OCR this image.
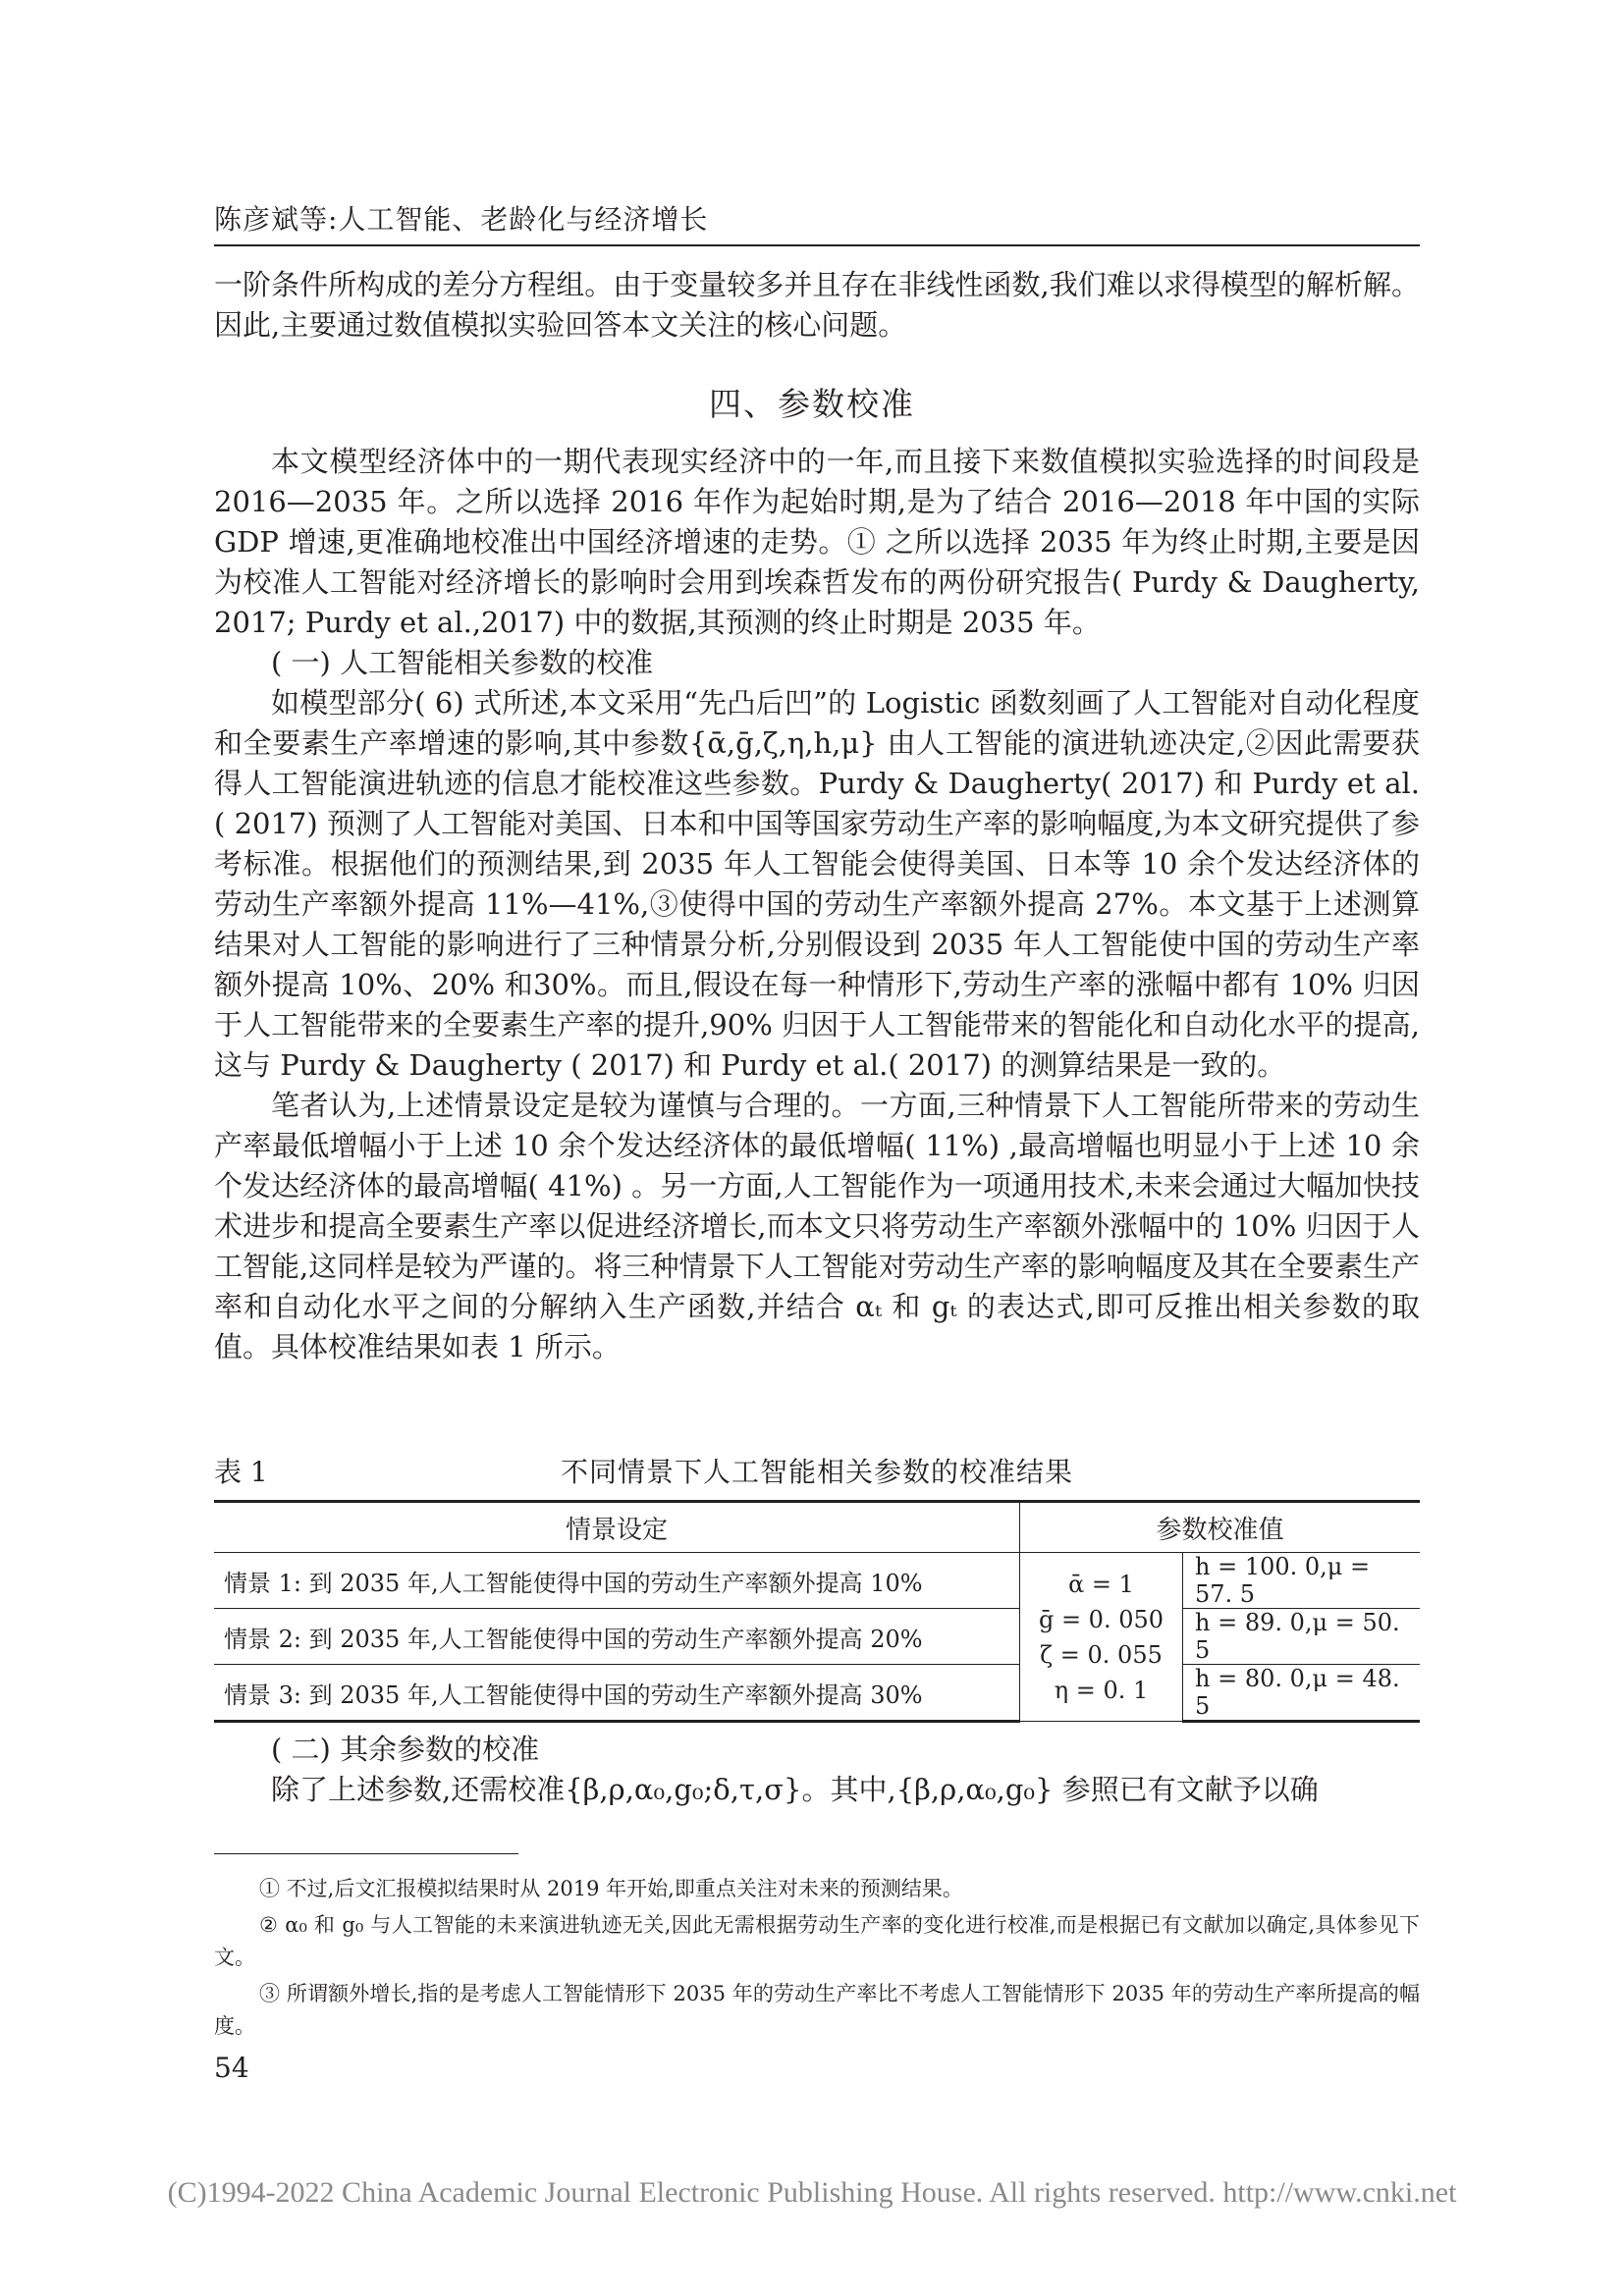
陈彦斌等:人工智能、老龄化与经济增长

一阶条件所构成的差分方程组。由于变量较多并且存在非线性函数,我们难以求得模型的解析解。因此,主要通过数值模拟实验回答本文关注的核心问题。

四、参数校准

本文模型经济体中的一期代表现实经济中的一年,而且接下来数值模拟实验选择的时间段是2016—2035 年。之所以选择 2016 年作为起始时期,是为了结合 2016—2018 年中国的实际 GDP 增速,更准确地校准出中国经济增速的走势。① 之所以选择 2035 年为终止时期,主要是因为校准人工智能对经济增长的影响时会用到埃森哲发布的两份研究报告( Purdy & Daugherty, 2017; Purdy et al.,2017) 中的数据,其预测的终止时期是 2035 年。

( 一) 人工智能相关参数的校准

如模型部分( 6) 式所述,本文采用“先凸后凹”的 Logistic 函数刻画了人工智能对自动化程度和全要素生产率增速的影响,其中参数{ᾱ,ḡ,ζ,η,h,μ} 由人工智能的演进轨迹决定,②因此需要获得人工智能演进轨迹的信息才能校准这些参数。Purdy & Daugherty( 2017) 和 Purdy et al.( 2017) 预测了人工智能对美国、日本和中国等国家劳动生产率的影响幅度,为本文研究提供了参考标准。根据他们的预测结果,到 2035 年人工智能会使得美国、日本等 10 余个发达经济体的劳动生产率额外提高 11%—41%,③使得中国的劳动生产率额外提高 27%。本文基于上述测算结果对人工智能的影响进行了三种情景分析,分别假设到 2035 年人工智能使中国的劳动生产率额外提高 10%、20% 和30%。而且,假设在每一种情形下,劳动生产率的涨幅中都有 10% 归因于人工智能带来的全要素生产率的提升,90% 归因于人工智能带来的智能化和自动化水平的提高,这与 Purdy & Daugherty ( 2017) 和 Purdy et al.( 2017) 的测算结果是一致的。

笔者认为,上述情景设定是较为谨慎与合理的。一方面,三种情景下人工智能所带来的劳动生产率最低增幅小于上述 10 余个发达经济体的最低增幅( 11%) ,最高增幅也明显小于上述 10 余个发达经济体的最高增幅( 41%) 。另一方面,人工智能作为一项通用技术,未来会通过大幅加快技术进步和提高全要素生产率以促进经济增长,而本文只将劳动生产率额外涨幅中的 10% 归因于人工智能,这同样是较为严谨的。将三种情景下人工智能对劳动生产率的影响幅度及其在全要素生产率和自动化水平之间的分解纳入生产函数,并结合 αₜ 和 gₜ 的表达式,即可反推出相关参数的取值。具体校准结果如表 1 所示。

表 1	不同情景下人工智能相关参数的校准结果
情景设定	参数校准值	
情景 1: 到 2035 年,人工智能使得中国的劳动生产率额外提高 10%	ᾱ = 1
ḡ = 0. 050
ζ = 0. 055
η = 0. 1	h = 100. 0,μ = 57. 5
情景 2: 到 2035 年,人工智能使得中国的劳动生产率额外提高 20%		h = 89. 0,μ = 50. 5
情景 3: 到 2035 年,人工智能使得中国的劳动生产率额外提高 30%		h = 80. 0,μ = 48. 5

( 二) 其余参数的校准

除了上述参数,还需校准{β,ρ,α₀,g₀;δ,τ,σ}。其中,{β,ρ,α₀,g₀} 参照已有文献予以确

① 不过,后文汇报模拟结果时从 2019 年开始,即重点关注对未来的预测结果。

② α₀ 和 g₀ 与人工智能的未来演进轨迹无关,因此无需根据劳动生产率的变化进行校准,而是根据已有文献加以确定,具体参见下文。

③ 所谓额外增长,指的是考虑人工智能情形下 2035 年的劳动生产率比不考虑人工智能情形下 2035 年的劳动生产率所提高的幅度。

54
(C)1994-2022 China Academic Journal Electronic Publishing House. All rights reserved. http://www.cnki.net
